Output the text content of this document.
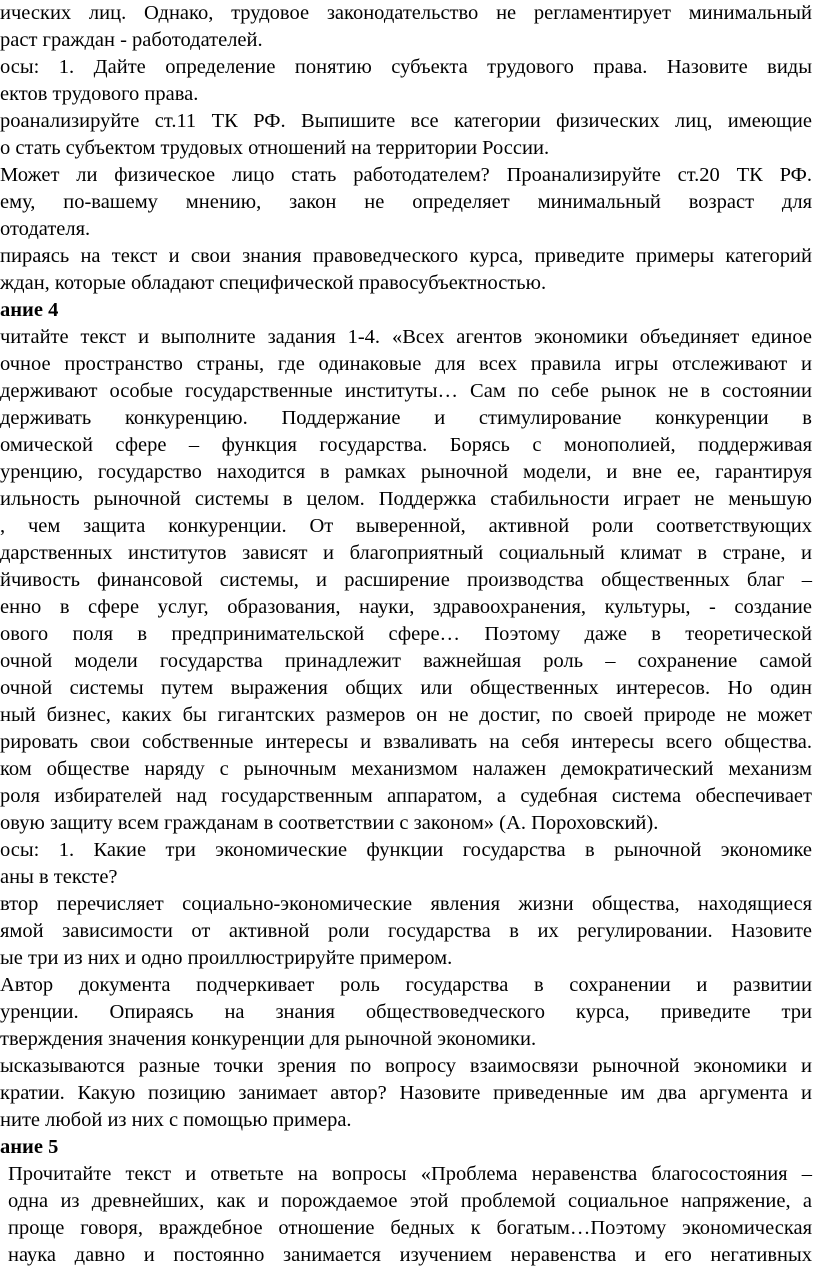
ических лиц. Однако, трудовое законодательство не регламентирует минимальный
раст граждан - работодателей.
осы: 1. Дайте определение понятию субъекта трудового права. Назовите виды
ектов трудового права.
роанализируйте ст.11 ТК РФ. Выпишите все категории физических лиц, имеющие
о стать субъектом трудовых отношений на территории России.
Может ли физическое лицо стать работодателем? Проанализируйте ст.20 ТК РФ.
ему, по-вашему мнению, закон не определяет минимальный возраст для
отодателя.
пираясь на текст и свои знания правоведческого курса, приведите примеры категорий
ждан, которые обладают специфической правосубъектностью.
ание 4
читайте текст и выполните задания 1-4. «Всех агентов экономики объединяет единое
очное пространство страны, где одинаковые для всех правила игры отслеживают и
держивают особые государственные институты… Сам по себе рынок не в состоянии
держивать конкуренцию. Поддержание и стимулирование конкуренции в
омической сфере – функция государства. Борясь с монополией, поддерживая
уренцию, государство находится в рамках рыночной модели, и вне ее, гарантируя
ильность рыночной системы в целом. Поддержка стабильности играет не меньшую
, чем защита конкуренции. От выверенной, активной роли соответствующих
дарственных институтов зависят и благоприятный социальный климат в стране, и
йчивость финансовой системы, и расширение производства общественных благ –
енно в сфере услуг, образования, науки, здравоохранения, культуры, - создание
ового поля в предпринимательской сфере… Поэтому даже в теоретической
очной модели государства принадлежит важнейшая роль – сохранение самой
очной системы путем выражения общих или общественных интересов. Но один
ный бизнес, каких бы гигантских размеров он не достиг, по своей природе не может
рировать свои собственные интересы и взваливать на себя интересы всего общества.
ком обществе наряду с рыночным механизмом налажен демократический механизм
роля избирателей над государственным аппаратом, а судебная система обеспечивает
овую защиту всем гражданам в соответствии с законом» (А. Пороховский).
осы: 1. Какие три экономические функции государства в рыночной экономике
аны в тексте?
втор перечисляет социально-экономические явления жизни общества, находящиеся
ямой зависимости от активной роли государства в их регулировании. Назовите
ые три из них и одно проиллюстрируйте примером.
Автор документа подчеркивает роль государства в сохранении и развитии
уренции. Опираясь на знания обществоведческого курса, приведите три
тверждения значения конкуренции для рыночной экономики.
ысказываются разные точки зрения по вопросу взаимосвязи рыночной экономики и
кратии. Какую позицию занимает автор? Назовите приведенные им два аргумента и
ните любой из них с помощью примера.
ание 5
Прочитайте текст и ответьте на вопросы «Проблема неравенства благосостояния –
одна из древнейших, как и порождаемое этой проблемой социальное напряжение, а
проще говоря, враждебное отношение бедных к богатым…Поэтому экономическая
наука давно и постоянно занимается изучением неравенства и его негативных
